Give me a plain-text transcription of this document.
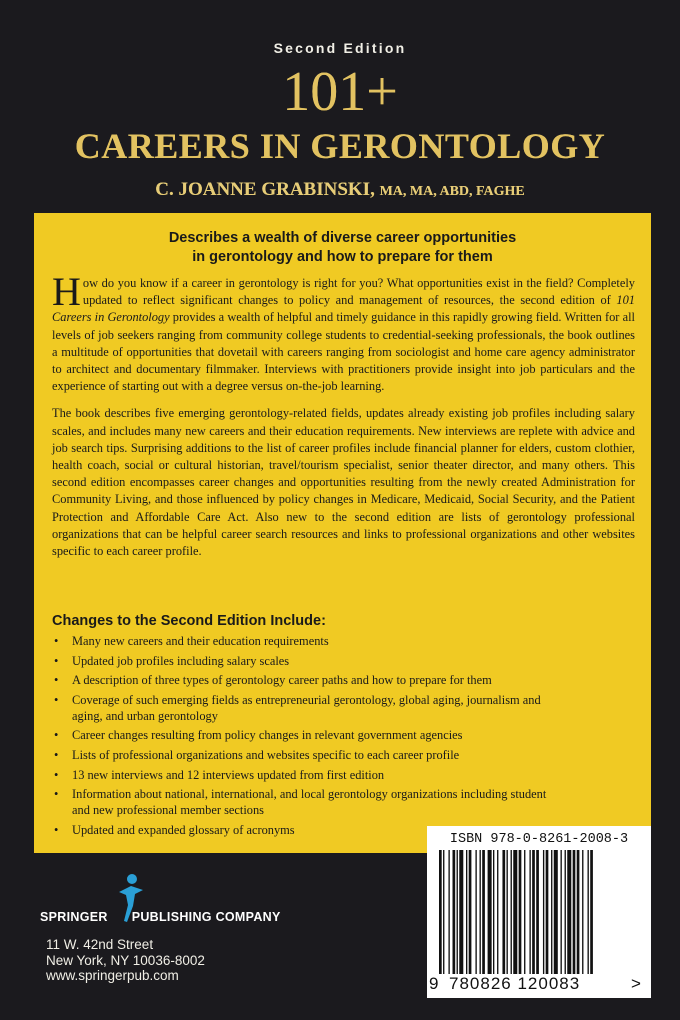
Second Edition
101+
CAREERS IN GERONTOLOGY
C. JOANNE GRABINSKI, MA, MA, ABD, FAGHE
Describes a wealth of diverse career opportunities
in gerontology and how to prepare for them

How do you know if a career in gerontology is right for you? What opportunities exist in the field? Completely updated to reflect significant changes to policy and management of resources, the second edition of 101 Careers in Gerontology provides a wealth of helpful and timely guidance in this rapidly growing field. Written for all levels of job seekers ranging from community college students to credential-seeking professionals, the book outlines a multitude of opportunities that dovetail with careers ranging from sociologist and home care agency administrator to architect and documentary filmmaker. Interviews with practitioners provide insight into job particulars and the experience of starting out with a degree versus on-the-job learning.

The book describes five emerging gerontology-related fields, updates already existing job profiles including salary scales, and includes many new careers and their education requirements. New interviews are replete with advice and job search tips. Surprising additions to the list of career profiles include financial planner for elders, custom clothier, health coach, social or cultural historian, travel/tourism specialist, senior theater director, and many others. This second edition encompasses career changes and opportunities resulting from the newly created Administration for Community Living, and those influenced by policy changes in Medicare, Medicaid, Social Security, and the Patient Protection and Affordable Care Act. Also new to the second edition are lists of gerontology professional organizations that can be helpful career search resources and links to professional organizations and other websites specific to each career profile.

Changes to the Second Edition Include:
• Many new careers and their education requirements
• Updated job profiles including salary scales
• A description of three types of gerontology career paths and how to prepare for them
• Coverage of such emerging fields as entrepreneurial gerontology, global aging, journalism and aging, and urban gerontology
• Career changes resulting from policy changes in relevant government agencies
• Lists of professional organizations and websites specific to each career profile
• 13 new interviews and 12 interviews updated from first edition
• Information about national, international, and local gerontology organizations including student and new professional member sections
• Updated and expanded glossary of acronyms
ISBN 978-0-8261-2008-3
9 780826 120083	>
SPRINGER PUBLISHING COMPANY
11 W. 42nd Street
New York, NY 10036-8002
www.springerpub.com
